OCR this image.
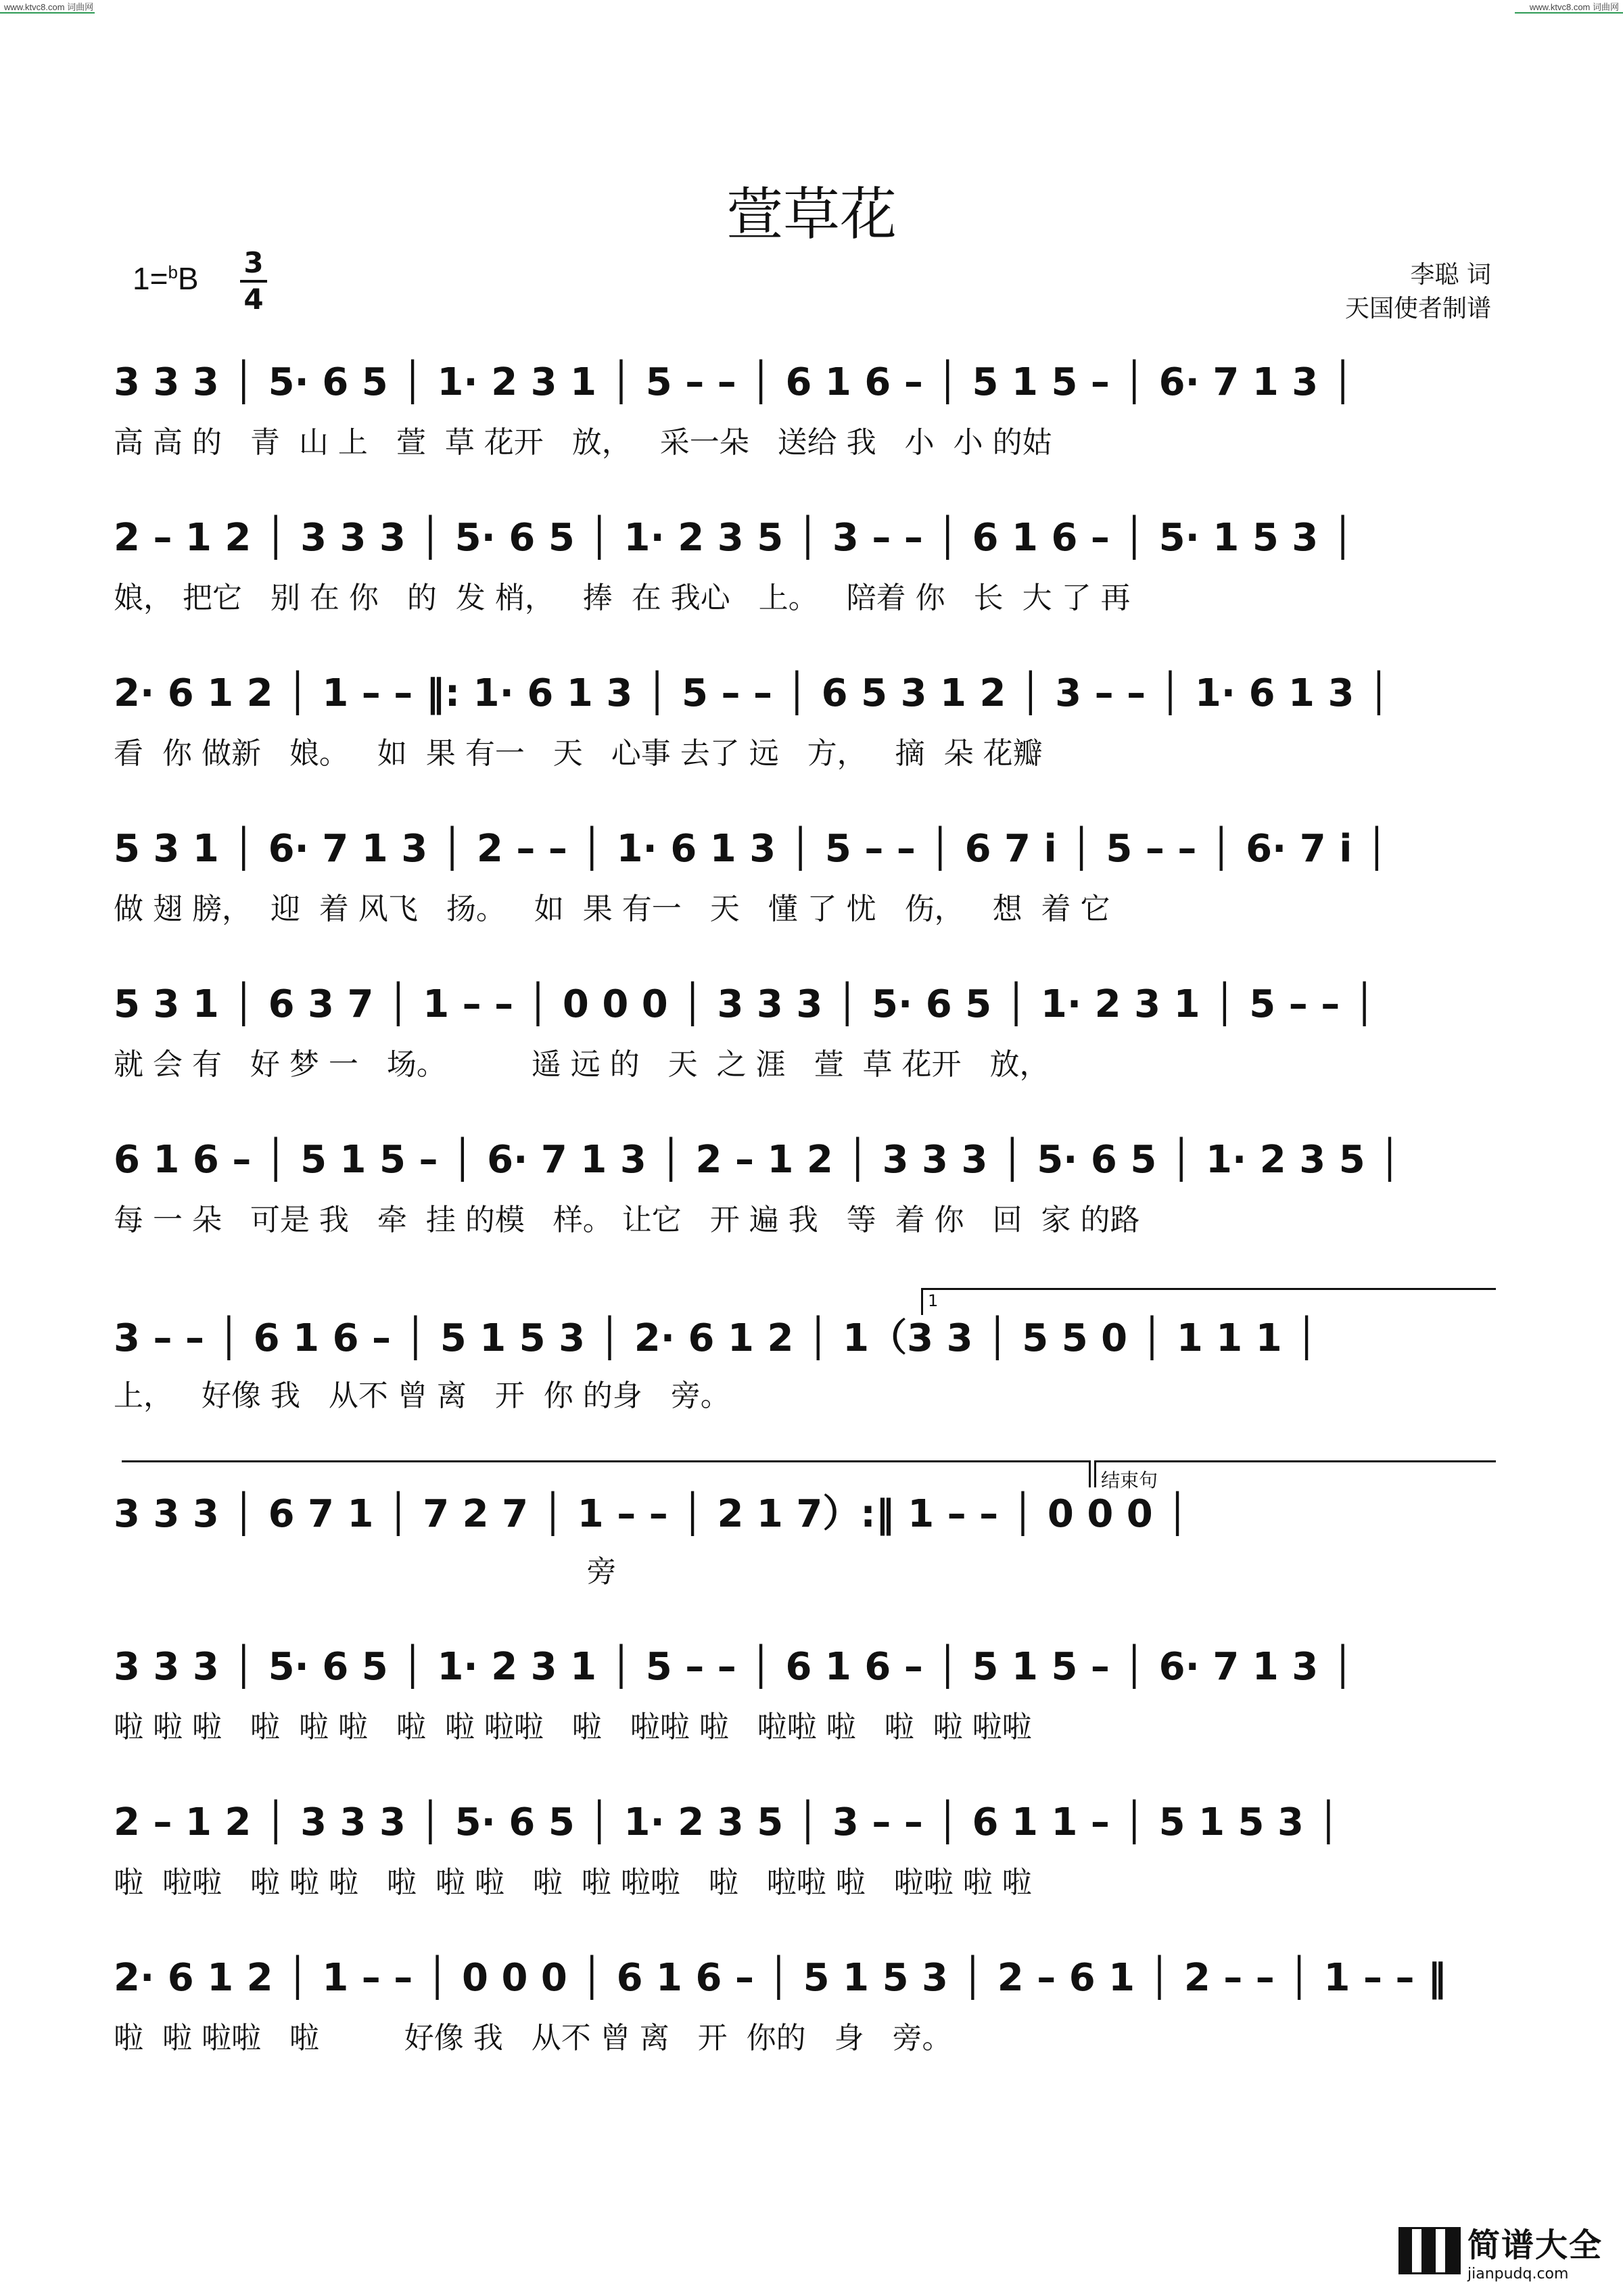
www.ktvc8.com 词曲网	www.ktvc8.com 词曲网
萱草花
$1=^bB \frac{3}{4}$	李聪 词
天国使者制谱
3 3 3 │ 5· 6 5 │ 1· 2 3 1 │ 5 – – │ 6 1 6 – │ 5 1 5 – │ 6· 7 1 3 │
高 高 的   青  山 上   萱  草 花开   放，   采一朵   送给 我   小  小 的姑
2 – 1 2 │ 3 3 3 │ 5· 6 5 │ 1· 2 3 5 │ 3 – – │ 6 1 6 – │ 5· 1 5 3 │
娘， 把它   别 在 你   的  发 梢，   捧  在 我心   上。   陪着 你   长  大 了 再
2· 6 1 2 │ 1 – – ‖: 1· 6 1 3 │ 5 – – │ 6 5 3 1 2 │ 3 – – │ 1· 6 1 3 │
看  你 做新   娘。   如  果 有一   天   心事 去了 远   方，   摘  朵 花瓣
5 3 1 │ 6· 7 1 3 │ 2 – – │ 1· 6 1 3 │ 5 – – │ 6 7 i │ 5 – – │ 6· 7 i │
做 翅 膀，  迎  着 风飞   扬。   如  果 有一   天   懂 了 忧   伤，   想  着 它
5 3 1 │ 6 3 7 │ 1 – – │ 0 0 0 │ 3 3 3 │ 5· 6 5 │ 1· 2 3 1 │ 5 – – │
就 会 有   好 梦 一   场。         遥 远 的   天  之 涯   萱  草 花开   放，
6 1 6 – │ 5 1 5 – │ 6· 7 1 3 │ 2 – 1 2 │ 3 3 3 │ 5· 6 5 │ 1· 2 3 5 │
每 一 朵   可是 我   牵  挂 的模   样。 让它   开 遍 我   等  着 你   回  家 的路
1
3 – – │ 6 1 6 – │ 5 1 5 3 │ 2· 6 1 2 │ 1（3 3 │ 5 5 0 │ 1 1 1 │
上，   好像 我   从不 曾 离   开  你 的身   旁。
结束句
3 3 3 │ 6 7 1 │ 7 2 7 │ 1 – – │ 2 1 7）:‖ 1 – – │ 0 0 0 │
旁
3 3 3 │ 5· 6 5 │ 1· 2 3 1 │ 5 – – │ 6 1 6 – │ 5 1 5 – │ 6· 7 1 3 │
啦 啦 啦   啦  啦 啦   啦  啦 啦啦   啦   啦啦 啦   啦啦 啦   啦  啦 啦啦
2 – 1 2 │ 3 3 3 │ 5· 6 5 │ 1· 2 3 5 │ 3 – – │ 6 1 1 – │ 5 1 5 3 │
啦  啦啦   啦 啦 啦   啦  啦 啦   啦  啦 啦啦   啦   啦啦 啦   啦啦 啦 啦
2· 6 1 2 │ 1 – – │ 0 0 0 │ 6 1 6 – │ 5 1 5 3 │ 2 – 6 1 │ 2 – – │ 1 – – ‖
啦  啦 啦啦   啦         好像 我   从不 曾 离   开  你的   身   旁。
简谱大全
jianpudq.com
